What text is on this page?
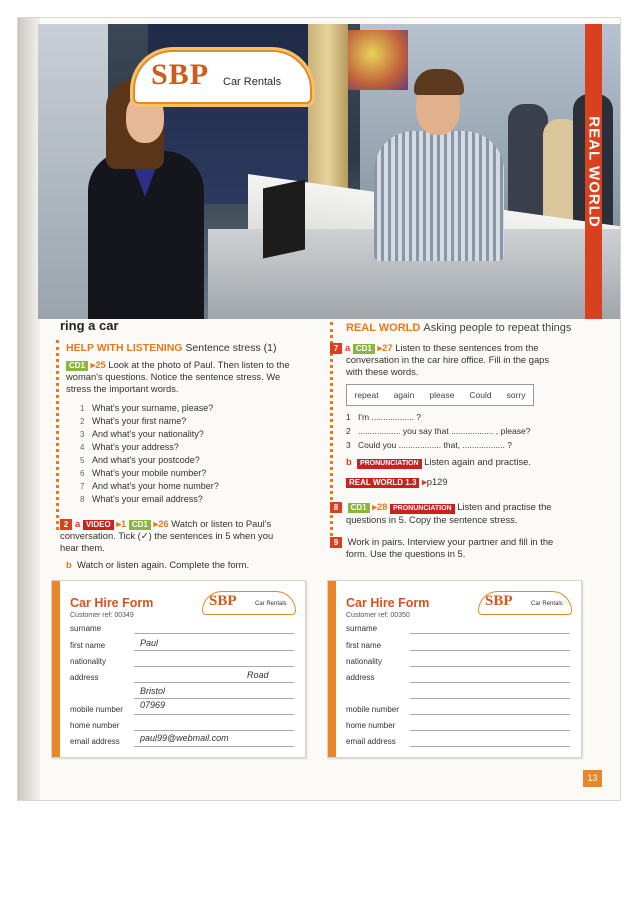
SBP Car Rentals
REAL WORLD
ring a car
HELP WITH LISTENING Sentence stress (1)
CD1 ▸25 Look at the photo of Paul. Then listen to the
woman's questions. Notice the sentence stress. We
stress the important words.
1 What's your surname, please?
2 What's your first name?
3 And what's your nationality?
4 What's your address?
5 And what's your postcode?
6 What's your mobile number?
7 And what's your home number?
8 What's your email address?
2 a VIDEO ▸1 CD1 ▸26 Watch or listen to Paul's
conversation. Tick (✓) the sentences in 5 when you
hear them.
b Watch or listen again. Complete the form.
REAL WORLD Asking people to repeat things
7 a CD1 ▸27 Listen to these sentences from the
conversation in the car hire office. Fill in the gaps
with these words.
repeat again please Could sorry
1 I'm .................. ?
2 .................. you say that .................. , please?
3 Could you .................. that, .................. ?
b PRONUNCIATION Listen again and practise.
REAL WORLD 1.3 ▸p129
8 CD1 ▸28 PRONUNCIATION Listen and practise the
questions in 5. Copy the sentence stress.
9 Work in pairs. Interview your partner and fill in the
form. Use the questions in 5.
Car Hire Form
Customer ref: 00349
SBP	Car Rentals
surname
first name	Paul
nationality
address	Road
Bristol
mobile number 07969
home number
email address paul99@webmail.com
Car Hire Form
Customer ref: 00350
SBP	Car Rentals
surname
first name
nationality
address
mobile number
home number
email address
13
